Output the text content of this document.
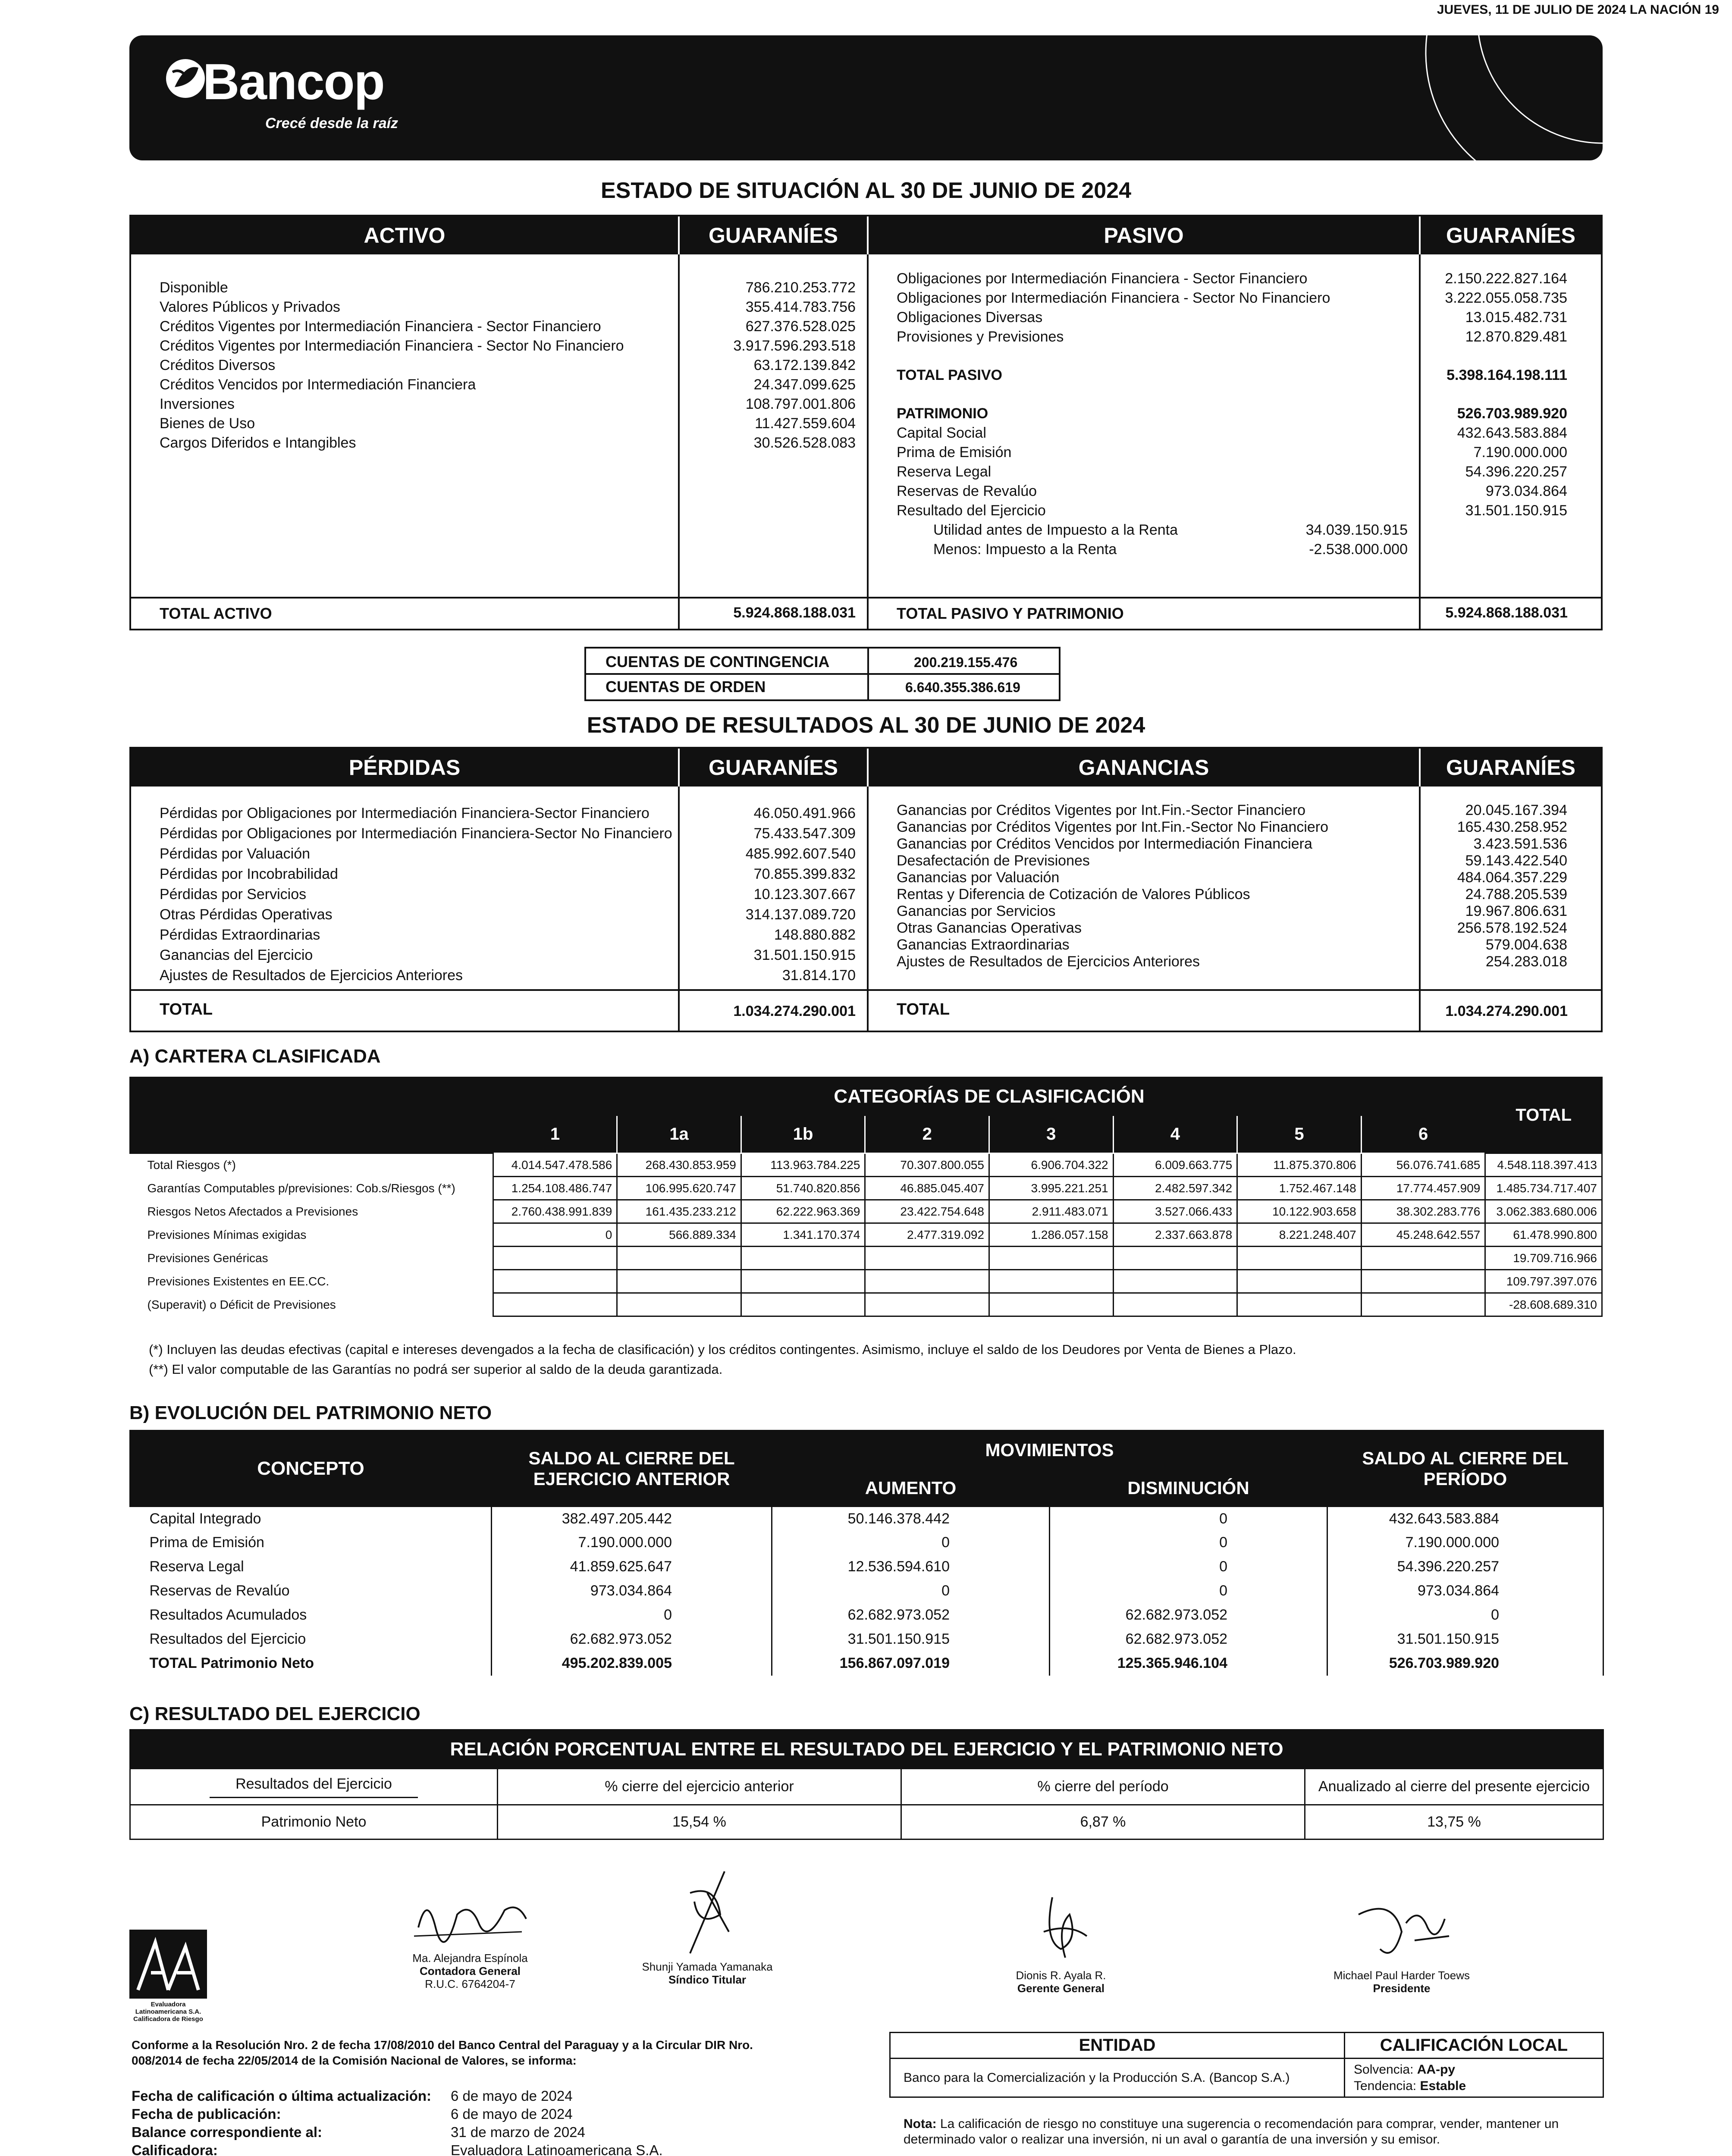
JUEVES, 11 DE JULIO DE 2024 LA NACIÓN 19
Bancop
Crecé desde la raíz
ESTADO DE SITUACIÓN AL 30 DE JUNIO DE 2024
ACTIVO	GUARANÍES	PASIVO	GUARANÍES
Disponible	786.210.253.772
Valores Públicos y Privados	355.414.783.756
Créditos Vigentes por Intermediación Financiera - Sector Financiero	627.376.528.025
Créditos Vigentes por Intermediación Financiera - Sector No Financiero	3.917.596.293.518
Créditos Diversos	63.172.139.842
Créditos Vencidos por Intermediación Financiera	24.347.099.625
Inversiones	108.797.001.806
Bienes de Uso	11.427.559.604
Cargos Diferidos e Intangibles	30.526.528.083
Obligaciones por Intermediación Financiera - Sector Financiero	2.150.222.827.164
Obligaciones por Intermediación Financiera - Sector No Financiero	3.222.055.058.735
Obligaciones Diversas	13.015.482.731
Provisiones y Previsiones	12.870.829.481
TOTAL PASIVO	5.398.164.198.111
PATRIMONIO	526.703.989.920
Capital Social	432.643.583.884
Prima de Emisión	7.190.000.000
Reserva Legal	54.396.220.257
Reservas de Revalúo	973.034.864
Resultado del Ejercicio	31.501.150.915
Utilidad antes de Impuesto a la Renta	34.039.150.915
Menos: Impuesto a la Renta	-2.538.000.000
TOTAL ACTIVO	5.924.868.188.031	TOTAL PASIVO Y PATRIMONIO	5.924.868.188.031
CUENTAS DE CONTINGENCIA	200.219.155.476
CUENTAS DE ORDEN	6.640.355.386.619
ESTADO DE RESULTADOS AL 30 DE JUNIO DE 2024
PÉRDIDAS	GUARANÍES	GANANCIAS	GUARANÍES
Pérdidas por Obligaciones por Intermediación Financiera-Sector Financiero	46.050.491.966
Pérdidas por Obligaciones por Intermediación Financiera-Sector No Financiero	75.433.547.309
Pérdidas por Valuación	485.992.607.540
Pérdidas por Incobrabilidad	70.855.399.832
Pérdidas por Servicios	10.123.307.667
Otras Pérdidas Operativas	314.137.089.720
Pérdidas Extraordinarias	148.880.882
Ganancias del Ejercicio	31.501.150.915
Ajustes de Resultados de Ejercicios Anteriores	31.814.170
Ganancias por Créditos Vigentes por Int.Fin.-Sector Financiero	20.045.167.394
Ganancias por Créditos Vigentes por Int.Fin.-Sector No Financiero	165.430.258.952
Ganancias por Créditos Vencidos por Intermediación Financiera	3.423.591.536
Desafectación de Previsiones	59.143.422.540
Ganancias por Valuación	484.064.357.229
Rentas y Diferencia de Cotización de Valores Públicos	24.788.205.539
Ganancias por Servicios	19.967.806.631
Otras Ganancias Operativas	256.578.192.524
Ganancias Extraordinarias	579.004.638
Ajustes de Resultados de Ejercicios Anteriores	254.283.018
TOTAL	1.034.274.290.001	TOTAL	1.034.274.290.001
A) CARTERA CLASIFICADA
	CATEGORÍAS DE CLASIFICACIÓN								TOTAL
	1	1a	1b	2	3	4	5	6	
Total Riesgos (*)	4.014.547.478.586	268.430.853.959	113.963.784.225	70.307.800.055	6.906.704.322	6.009.663.775	11.875.370.806	56.076.741.685	4.548.118.397.413
Garantías Computables p/previsiones: Cob.s/Riesgos (**)	1.254.108.486.747	106.995.620.747	51.740.820.856	46.885.045.407	3.995.221.251	2.482.597.342	1.752.467.148	17.774.457.909	1.485.734.717.407
Riesgos Netos Afectados a Previsiones	2.760.438.991.839	161.435.233.212	62.222.963.369	23.422.754.648	2.911.483.071	3.527.066.433	10.122.903.658	38.302.283.776	3.062.383.680.006
Previsiones Mínimas exigidas	0	566.889.334	1.341.170.374	2.477.319.092	1.286.057.158	2.337.663.878	8.221.248.407	45.248.642.557	61.478.990.800
Previsiones Genéricas									19.709.716.966
Previsiones Existentes en EE.CC.									109.797.397.076
(Superavit) o Déficit de Previsiones									-28.608.689.310
(*) Incluyen las deudas efectivas (capital e intereses devengados a la fecha de clasificación) y los créditos contingentes. Asimismo, incluye el saldo de los Deudores por Venta de Bienes a Plazo.
(**) El valor computable de las Garantías no podrá ser superior al saldo de la deuda garantizada.
B) EVOLUCIÓN DEL PATRIMONIO NETO
CONCEPTO	SALDO AL CIERRE DEL EJERCICIO ANTERIOR	MOVIMIENTOS		SALDO AL CIERRE DEL PERÍODO
		AUMENTO	DISMINUCIÓN	
Capital Integrado	382.497.205.442	50.146.378.442	0	432.643.583.884
Prima de Emisión	7.190.000.000	0	0	7.190.000.000
Reserva Legal	41.859.625.647	12.536.594.610	0	54.396.220.257
Reservas de Revalúo	973.034.864	0	0	973.034.864
Resultados Acumulados	0	62.682.973.052	62.682.973.052	0
Resultados del Ejercicio	62.682.973.052	31.501.150.915	62.682.973.052	31.501.150.915
TOTAL Patrimonio Neto	495.202.839.005	156.867.097.019	125.365.946.104	526.703.989.920
C) RESULTADO DEL EJERCICIO
RELACIÓN PORCENTUAL ENTRE EL RESULTADO DEL EJERCICIO Y EL PATRIMONIO NETO			
Resultados del Ejercicio	% cierre del ejercicio anterior	% cierre del período	Anualizado al cierre del presente ejercicio
Patrimonio Neto	15,54 %	6,87 %	13,75 %
Ma. Alejandra Espínola
Contadora General
R.U.C. 6764204-7
Shunji Yamada Yamanaka
Síndico Titular	Dionis R. Ayala R.
Gerente General
Michael Paul Harder Toews
Presidente
Evaluadora
Latinoamericana S.A.
Calificadora de Riesgo
Conforme a la Resolución Nro. 2 de fecha 17/08/2010 del Banco Central del Paraguay y a la Circular DIR Nro. 008/2014 de fecha 22/05/2014 de la Comisión Nacional de Valores, se informa:
Fecha de calificación o última actualización: 6 de mayo de 2024
Fecha de publicación:	6 de mayo de 2024
Balance correspondiente al:	31 de marzo de 2024
Calificadora:	Evaluadora Latinoamericana S.A.
ENTIDAD	CALIFICACIÓN LOCAL
Banco para la Comercialización y la Producción S.A. (Bancop S.A.)	Solvencia: AA-py
Tendencia: Estable
Nota: La calificación de riesgo no constituye una sugerencia o recomendación para comprar, vender, mantener un determinado valor o realizar una inversión, ni un aval o garantía de una inversión y su emisor.
